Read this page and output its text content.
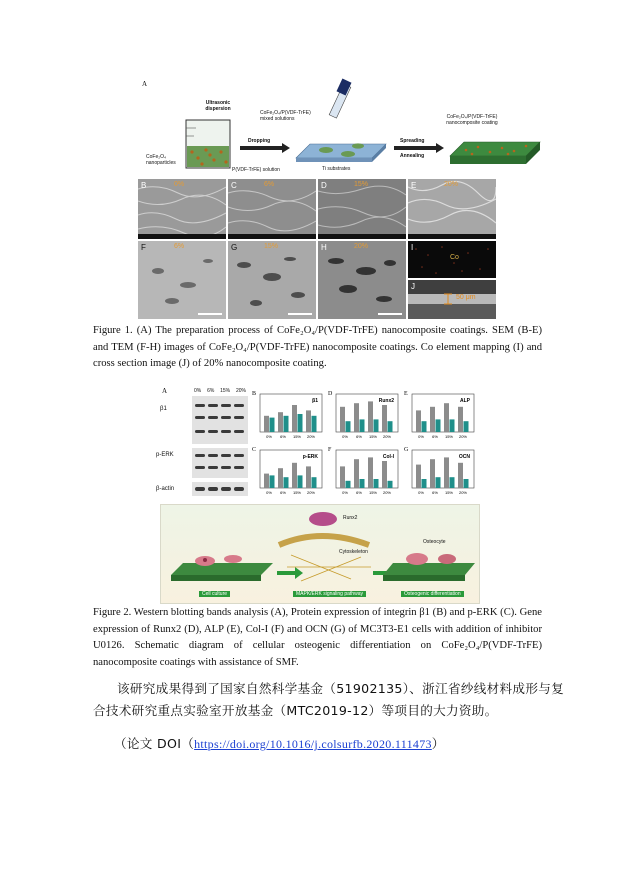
A
Ultrasonic
dispersion
CoFe₂O₄
nanoparticles
P(VDF-TrFE) solution
CoFe₂O₄/P(VDF-TrFE)
mixed solutions
Dropping
Ti substrates
Spreading
Annealing
CoFe₂O₄/P(VDF-TrFE)
nanocomposite coating
B	0%	C	6%	D	15%	E	20%
F	6%	G	15%	H	20%	I
Co
J
50 μm
Figure 1. (A) The preparation process of CoFe₂O₄/P(VDF-TrFE) nanocomposite coatings. SEM (B-E) and TEM (F-H) images of CoFe₂O₄/P(VDF-TrFE) nanocomposite coatings. Co element mapping (I) and cross section image (J) of 20% nanocomposite coating.
A	0% 6% 15% 20%
β1
p-ERK
β-actin
0% 6% 15% 20%
β1
B
0% 6% 15% 20%
Runx2
D
0% 6% 15% 20%
ALP
E
0% 6% 15% 20%
p-ERK
C
0% 6% 15% 20%
Col-I
F
0% 6% 15% 20%
OCN
G
Cell culture	MAPK/ERK signaling pathway	Osteogenic differentiation
Runx2
Cytoskeleton
Osteocyte
Figure 2. Western blotting bands analysis (A), Protein expression of integrin β1 (B) and p-ERK (C). Gene expression of Runx2 (D), ALP (E), Col-I (F) and OCN (G) of MC3T3-E1 cells with addition of inhibitor U0126. Schematic diagram of cellular osteogenic differentiation on CoFe₂O₄/P(VDF-TrFE) nanocomposite coatings with assistance of SMF.
该研究成果得到了国家自然科学基金（51902135）、浙江省纱线材料成形与复
合技术研究重点实验室开放基金（MTC2019-12）等项目的大力资助。
（论文 DOI（https://doi.org/10.1016/j.colsurfb.2020.111473）
